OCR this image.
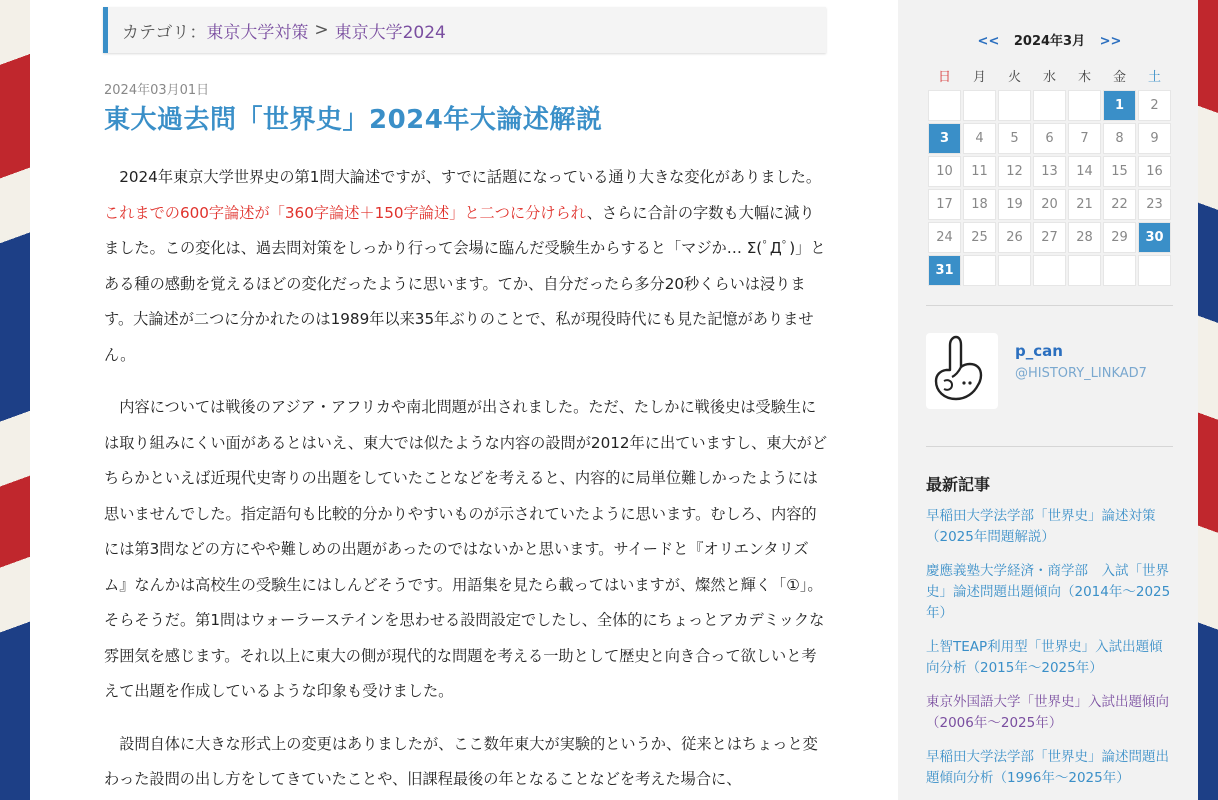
カテゴリ： 東京大学対策 > 東京大学2024
2024年03月01日
東大過去問「世界史」2024年大論述解説

2024年東京大学世界史の第1問大論述ですが、すでに話題になっている通り大きな変化がありました。これまでの600字論述が「360字論述＋150字論述」と二つに分けられ、さらに合計の字数も大幅に減りました。この変化は、過去問対策をしっかり行って会場に臨んだ受験生からすると「マジか… Σ(ﾟДﾟ)」とある種の感動を覚えるほどの変化だったように思います。てか、自分だったら多分20秒くらいは浸ります。大論述が二つに分かれたのは1989年以来35年ぶりのことで、私が現役時代にも見た記憶がありません。

内容については戦後のアジア・アフリカや南北問題が出されました。ただ、たしかに戦後史は受験生には取り組みにくい面があるとはいえ、東大では似たような内容の設問が2012年に出ていますし、東大がどちらかといえば近現代史寄りの出題をしていたことなどを考えると、内容的に局単位難しかったようには思いませんでした。指定語句も比較的分かりやすいものが示されていたように思います。むしろ、内容的には第3問などの方にやや難しめの出題があったのではないかと思います。サイードと『オリエンタリズム』なんかは高校生の受験生にはしんどそうです。用語集を見たら載ってはいますが、燦然と輝く「①」。そらそうだ。第1問はウォーラーステインを思わせる設問設定でしたし、全体的にちょっとアカデミックな雰囲気を感じます。それ以上に東大の側が現代的な問題を考える一助として歴史と向き合って欲しいと考えて出題を作成しているような印象も受けました。

設問自体に大きな形式上の変更はありましたが、ここ数年東大が実験的というか、従来とはちょっと変わった設問の出し方をしてきていたことや、旧課程最後の年となることなどを考えた場合に、

<< 2024年3月 >>
日	月	火	水	木	金	土
					1	2
3	4	5	6	7	8	9
10	11	12	13	14	15	16
17	18	19	20	21	22	23
24	25	26	27	28	29	30
31						
p_can
@HISTORY_LINKAD7
最新記事
早稲田大学法学部「世界史」論述対策（2025年問題解説）
慶應義塾大学経済・商学部　入試「世界史」論述問題出題傾向（2014年〜2025年）
上智TEAP利用型「世界史」入試出題傾向分析（2015年〜2025年）
東京外国語大学「世界史」入試出題傾向（2006年〜2025年）
早稲田大学法学部「世界史」論述問題出題傾向分析（1996年〜2025年）
